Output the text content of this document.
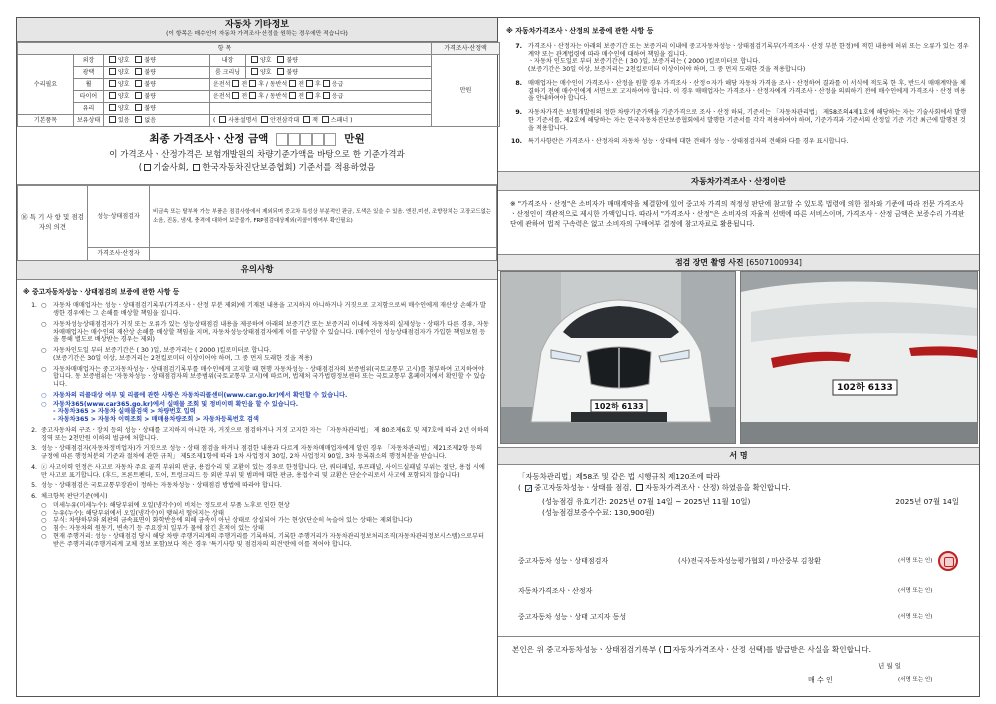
자동차 기타정보
(이 항목은 매수인이 자동차 가격조사·산정을 원하는 경우에만 적습니다)
항 목					가격조사·산정액
수리필요	외장	양호 불량	내장	양호 불량	만원
	광택	양호 불량	룸 크리닝	양호 불량	
	휠	양호 불량	운전석 전 후 / 동반석 전 후 응급		
	타이어	양호 불량	운전석 전 후 / 동반석 전 후 응급		
	유리	양호 불량			
기본품목	보유상태	있음 없음	( 사용설명서 안전삼각대 잭 스패너 )		
최종 가격조사ㆍ산정 금액	만원
이 가격조사ㆍ산정가격은 보험개발원의 차량기준가액을 바탕으로 한 기준가격과
( 기술사회, 한국자동차진단보증협회) 기준서를 적용하였음
⑯ 특 기 사 항 및 점검자의 의견	성능·상태점검자	비금속 또는 탈부착 가능 부품은 점검사항에서 제외되며 중고차 특성상 부분적인 판금, 도색은 있을 수 있음. 엔진,미션, 조향장치는 고장코드없는 소음, 진동, 냄새, 충격에 대하여 보증불가, FRP점검대상제외(리콜이행여부 확인필요)
	가격조사·산정자	
유의사항
※ 중고자동차성능ㆍ상태점검의 보증에 관한 사항 등
1. ○	자동차 매매업자는 성능ㆍ상태점검기록부(가격조사ㆍ산정 부분 제외)에 기재된 내용을 고지하지 아니하거나 거짓으로 고지함으로써 매수인에게 재산상 손해가 발생한 경우에는 그 손해를 배상할 책임을 집니다.
○	자동차성능상태점검자가 거짓 또는 오류가 있는 성능상태점검 내용을 제공하여 아래의 보증기간 또는 보증거리 이내에 자동차의 실제성능ㆍ상태가 다른 경우, 자동차매매업자는 매수인의 재산상 손해를 배상할 책임을 지며, 자동차성능상태점검자에게 이를 구상할 수 있습니다. (매수인이 성능상태점검자가 가입한 책임보험 등을 통해 별도로 배상받는 경우는 제외)
○	자동차인도일 부터 보증기간은 ( 30 )일, 보증거리는 ( 2000 )킬로미터로 합니다.
(보증기간은 30일 이상, 보증거리는 2천킬로미터 이상이어야 하며, 그 중 먼저 도래한 것을 적용)
○	자동차매매업자는 중고자동차성능ㆍ상태점검기록부를 매수인에게 고지할 때 현행 자동차성능ㆍ상태점검자의 보증범위(국토교통부 고시)를 첨부하여 고지하여야 합니다. 동 보증범위는 '자동차성능ㆍ상태점검자의 보증범위(국토교통부 고시)에 따르며, 법제처 국가법령정보센터 또는 국토교통부 홈페이지에서 확인할 수 있습니다.
○	자동차의 리콜대상 여부 및 리콜에 관한 사항은 자동차리콜센터(www.car.go.kr)에서 확인할 수 있습니다.
○	자동차365(www.car365.go.kr)에서 실매물 조회 및 정비이력 확인을 할 수 있습니다.
- 자동차365 > 자동차 실매물검색 > 차량번호 입력
- 자동차365 > 자동차 이력조회 > 매매용차량조회 > 자동차등록번호 검색
2. 중고자동차의 구조ㆍ장치 등의 성능ㆍ상태를 고지하지 아니한 자, 거짓으로 점검하거나 거짓 고지한 자는 「자동차관리법」 제 80조제6호 및 제7호에 따라 2년 이하의 징역 또는 2천만원 이하의 벌금에 처합니다.
3. 성능ㆍ상태점검자(자동차정비업자)가 거짓으로 성능ㆍ상태 점검을 하거나 점검한 내용과 다르게 자동차매매업자에게 알린 경우 「자동차관리법」제21조제2항 등의 규정에 따른 행정처분의 기준과 절차에 관한 규칙」 제5조제1항에 따라 1차 사업정지 30일, 2차 사업정지 90일, 3차 등록취소의 행정처분을 받습니다.
4. ⓒ 사고이력 인정은 사고로 자동차 주요 골격 부위의 판금, 용접수리 및 교환이 있는 경우로 한정합니다. 단, 쿼터패널, 루프패널, 사이드실패널 부위는 절단, 용접 시에만 사고로 표기합니다. (후드, 프론트펜더, 도어, 트렁크리드 등 외판 부위 및 범퍼에 대한 판금, 용접수리 및 교환은 단순수리로서 사고에 포함되지 않습니다)
5. 성능ㆍ상태점검은 국토교통부장관이 정하는 자동차성능ㆍ상태점검 방법에 따라야 합니다.
6. 체크항목 판단기준(예시)
○	미세누유(미세누수): 해당부위에 오일(냉각수)이 비치는 정도로서 부품 노후로 인한 현상
○	누유(누수): 해당부위에서 오일(냉각수)이 맺혀서 떨어지는 상태
○	부식: 차량하부와 외판의 금속표면이 화학반응에 의해 금속이 아닌 상태로 상실되어 가는 현상(단순히 녹슬어 있는 상태는 제외합니다)
○	침수: 자동차의 원동기, 변속기 등 주요장치 일부가 물에 잠긴 흔적이 있는 상태
○	현재 주행거리: 성능ㆍ상태점검 당시 해당 차량 주행거리계의 주행거리를 기록하되, 기록한 주행거리가 자동차관리정보처리조직(자동차관리정보시스템)으로부터 받은 주행거리(주행거리계 교체 정보 포함)보다 적은 경우 '특기사항 및 점검자의 의견'란에 이를 적어야 합니다.
※ 자동차가격조사ㆍ산정의 보증에 관한 사항 등
7. 가격조사ㆍ산정자는 아래의 보증기간 또는 보증거리 이내에 중고자동차성능ㆍ상태점검기록부(가격조사ㆍ산정 부분 한정)에 적힌 내용에 허위 또는 오류가 있는 경우 계약 또는 관계법령에 따라 매수인에 대하여 책임을 집니다.
ㆍ자동차 인도일로 부터 보증기간은 ( 30 )일, 보증거리는 ( 2000 )킬로미터로 합니다.
(보증기간은 30일 이상, 보증거리는 2천킬로미터 이상이어야 하며, 그 중 먼저 도래한 것을 적용합니다)
8. 매매업자는 매수인이 가격조사ㆍ산정을 원할 경우 가격조사ㆍ산정ㅇ자가 해당 자동차 가격을 조사ㆍ산정하여 결과를 이 서식에 적도록 한 후, 반드시 매매계약을 체결하기 전에 매수인에게 서면으로 고지하여야 합니다. 이 경우 매매업자는 가격조사ㆍ산정자에게 가격조사ㆍ산정을 의뢰하기 전에 매수인에게 가격조사ㆍ산정 비용을 안내하여야 합니다.
9. 자동차가격은 보험개발원의 정한 차량기준가액을 기준가격으로 조사ㆍ산정 하되, 기준서는 「자동차관리법」 제58조의4제1호에 해당하는 자는 기술사회에서 발행한 기준서를, 제2호에 해당하는 자는 한국자동차진단보증협회에서 발행한 기준서를 각각 적용하여야 하며, 기준가격과 기준서의 산정일 기준 기간 최근에 발행된 것을 적용합니다.
10. 특기사항란은 가격조사ㆍ산정자의 자동차 성능ㆍ상태에 대한 견해가 성능ㆍ상태점검자의 견해와 다를 경우 표시합니다.
자동차가격조사ㆍ산정이란
※ "가격조사ㆍ산정"은 소비자가 매매계약을 체결함에 있어 중고차 가격의 적정성 판단에 참고할 수 있도록 법령에 의한 절차와 기준에 따라 전문 가격조사ㆍ산정인이 객관적으로 제시한 가액입니다. 따라서 "가격조사ㆍ산정"은 소비자의 자율적 선택에 따른 서비스이며, 가격조사ㆍ산정 금액은 보증수리 가격판단에 관하여 법적 구속력은 없고 소비자의 구매여부 결정에 참고자료로 활용됩니다.
점검 장면 촬영 사진 [6507100934]
102하 6133
102하 6133
서 명
「자동차관리법」제58조 및 같은 법 시행규칙 제120조에 따라
( ✓중고자동차성능ㆍ상태를 점검, 자동차가격조사ㆍ산정) 하였음을 확인합니다.
(성능점검 유효기간: 2025년 07월 14일 ~ 2025년 11월 10일)	2025년 07월 14일
(성능점검보증수수료: 130,900원)
중고자동차 성능ㆍ상태점검자	(사)전국자동차성능평가협회 / 마산중부 김창환	(서명 또는 인)
자동차가격조사ㆍ산정자	(서명 또는 인)
중고자동차 성능ㆍ상태 고지자 동성	(서명 또는 인)
본인은 위 중고자동차성능ㆍ상태점검기록부 ( 자동차가격조사ㆍ산정 선택)를 발급받은 사실을 확인합니다.
년 월 일
매 수 인	(서명 또는 인)
